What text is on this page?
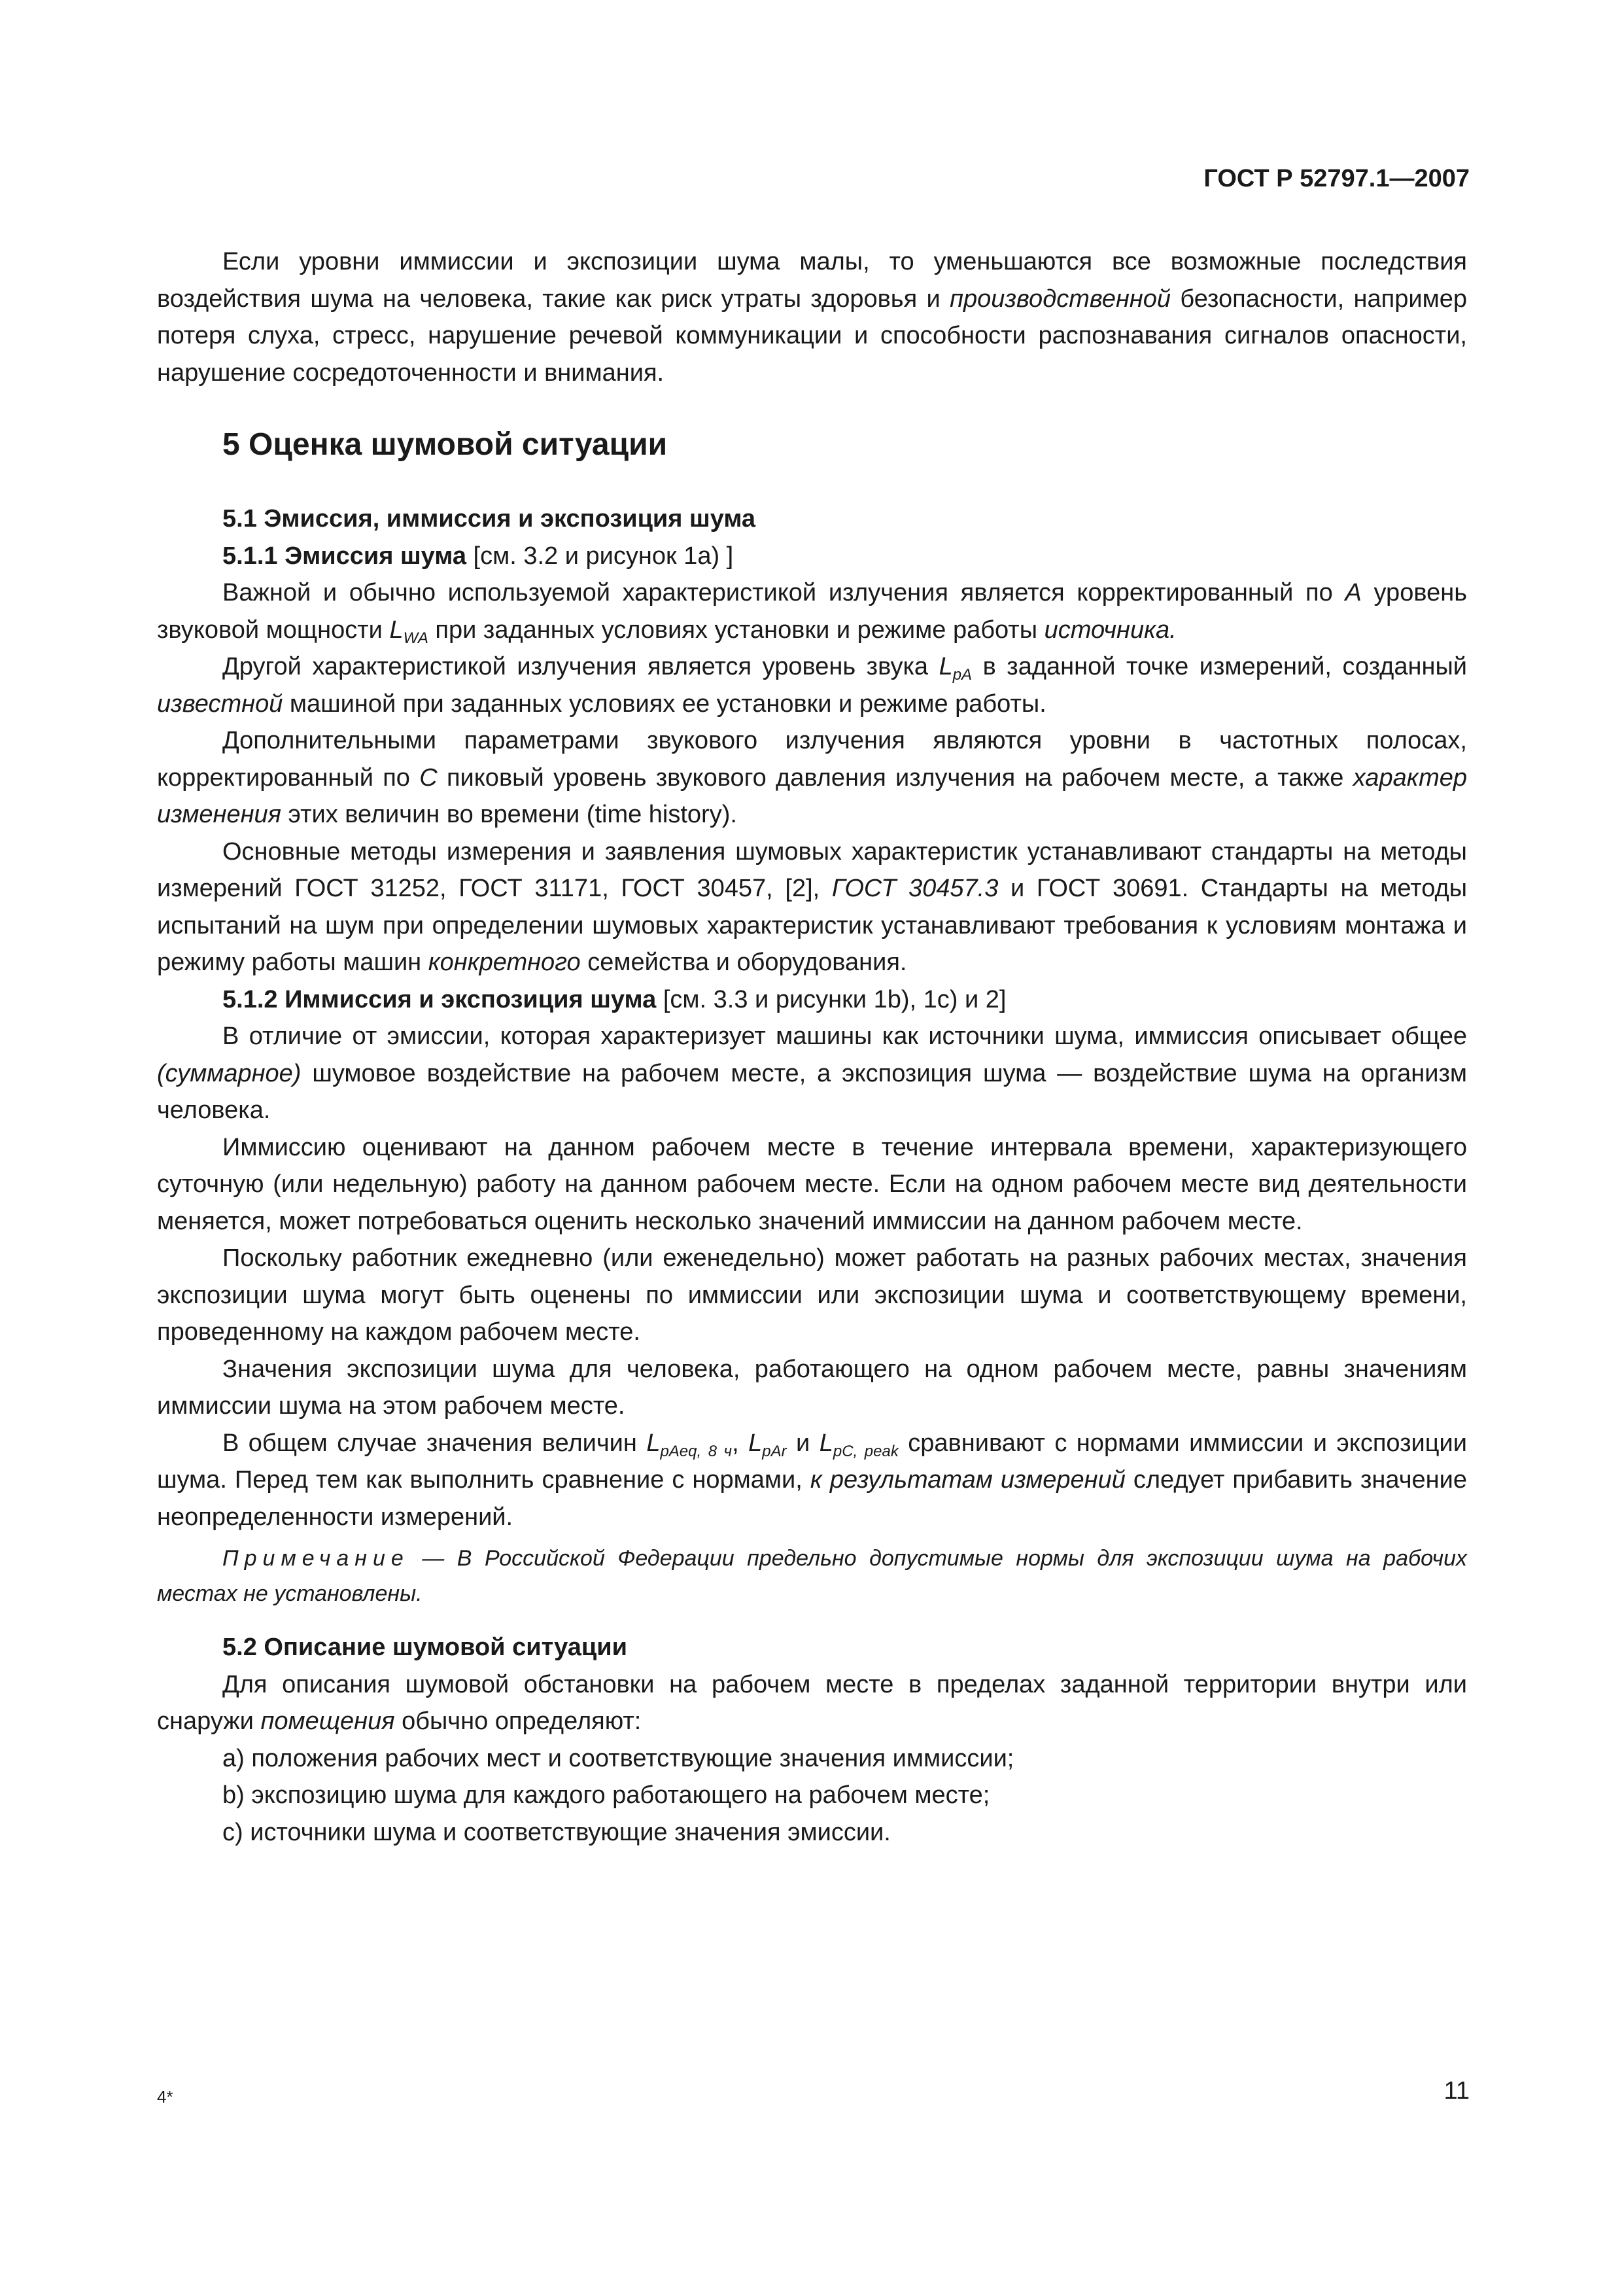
ГОСТ Р 52797.1—2007

Если уровни иммиссии и экспозиции шума малы, то уменьшаются все возможные последствия воздействия шума на человека, такие как риск утраты здоровья и производственной безопасности, например потеря слуха, стресс, нарушение речевой коммуникации и способности распознавания сигналов опасности, нарушение сосредоточенности и внимания.

5 Оценка шумовой ситуации

5.1 Эмиссия, иммиссия и экспозиция шума

5.1.1 Эмиссия шума [см. 3.2 и рисунок 1а) ]

Важной и обычно используемой характеристикой излучения является корректированный по А уровень звуковой мощности $L_{WA}$ при заданных условиях установки и режиме работы источника.

Другой характеристикой излучения является уровень звука $L_{pA}$ в заданной точке измерений, созданный известной машиной при заданных условиях ее установки и режиме работы.

Дополнительными параметрами звукового излучения являются уровни в частотных полосах, корректированный по С пиковый уровень звукового давления излучения на рабочем месте, а также характер изменения этих величин во времени (time history).

Основные методы измерения и заявления шумовых характеристик устанавливают стандарты на методы измерений ГОСТ 31252, ГОСТ 31171, ГОСТ 30457, [2], ГОСТ 30457.3 и ГОСТ 30691. Стандарты на методы испытаний на шум при определении шумовых характеристик устанавливают требования к условиям монтажа и режиму работы машин конкретного семейства и оборудования.

5.1.2 Иммиссия и экспозиция шума [см. 3.3 и рисунки 1b), 1с) и 2]

В отличие от эмиссии, которая характеризует машины как источники шума, иммиссия описывает общее (суммарное) шумовое воздействие на рабочем месте, а экспозиция шума — воздействие шума на организм человека.

Иммиссию оценивают на данном рабочем месте в течение интервала времени, характеризующего суточную (или недельную) работу на данном рабочем месте. Если на одном рабочем месте вид деятельности меняется, может потребоваться оценить несколько значений иммиссии на данном рабочем месте.

Поскольку работник ежедневно (или еженедельно) может работать на разных рабочих местах, значения экспозиции шума могут быть оценены по иммиссии или экспозиции шума и соответствующему времени, проведенному на каждом рабочем месте.

Значения экспозиции шума для человека, работающего на одном рабочем месте, равны значениям иммиссии шума на этом рабочем месте.

В общем случае значения величин $L_{pAeq, 8 ч}$, $L_{pAr}$ и $L_{pC, peak}$ сравнивают с нормами иммиссии и экспозиции шума. Перед тем как выполнить сравнение с нормами, к результатам измерений следует прибавить значение неопределенности измерений.

Примечание — В Российской Федерации предельно допустимые нормы для экспозиции шума на рабочих местах не установлены.

5.2 Описание шумовой ситуации

Для описания шумовой обстановки на рабочем месте в пределах заданной территории внутри или снаружи помещения обычно определяют:

а) положения рабочих мест и соответствующие значения иммиссии;

b) экспозицию шума для каждого работающего на рабочем месте;

с) источники шума и соответствующие значения эмиссии.

4*	11
